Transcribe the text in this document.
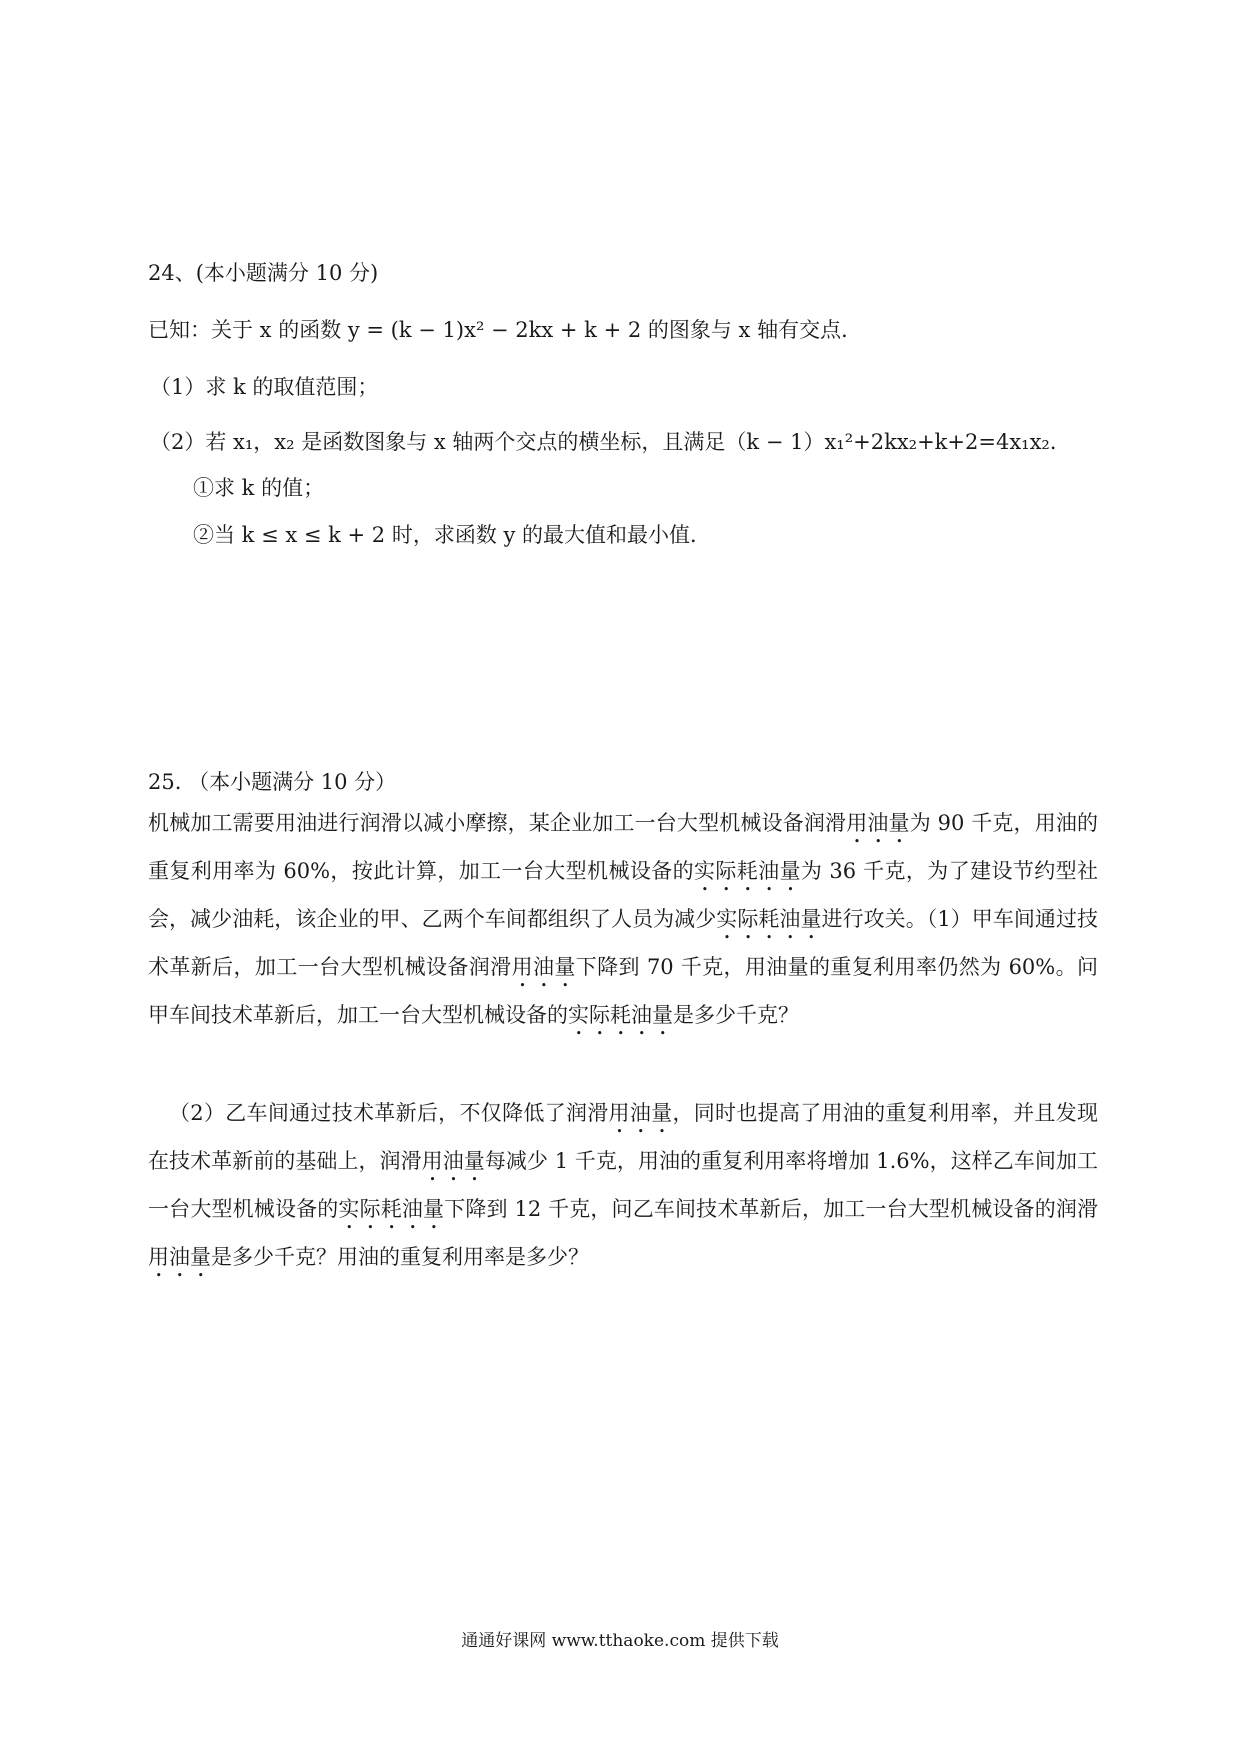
24、(本小题满分 10 分)
已知：关于 x 的函数 y = (k − 1)x² − 2kx + k + 2 的图象与 x 轴有交点．
（1）求 k 的取值范围；
（2）若 x₁，x₂ 是函数图象与 x 轴两个交点的横坐标，且满足（k − 1）x₁²+2kx₂+k+2=4x₁x₂．
①求 k 的值；
②当 k ≤ x ≤ k + 2 时，求函数 y 的最大值和最小值．
25. （本小题满分 10 分）
机械加工需要用油进行润滑以减小摩擦，某企业加工一台大型机械设备润滑用油量为 90 千克，用油的重复利用率为 60%，按此计算，加工一台大型机械设备的实际耗油量为 36 千克，为了建设节约型社会，减少油耗，该企业的甲、乙两个车间都组织了人员为减少实际耗油量进行攻关。（1）甲车间通过技术革新后，加工一台大型机械设备润滑用油量下降到 70 千克，用油量的重复利用率仍然为 60%。问甲车间技术革新后，加工一台大型机械设备的实际耗油量是多少千克？
（2）乙车间通过技术革新后，不仅降低了润滑用油量，同时也提高了用油的重复利用率，并且发现在技术革新前的基础上，润滑用油量每减少 1 千克，用油的重复利用率将增加 1.6%，这样乙车间加工一台大型机械设备的实际耗油量下降到 12 千克，问乙车间技术革新后，加工一台大型机械设备的润滑用油量是多少千克？用油的重复利用率是多少？
通通好课网 www.tthaoke.com 提供下载
